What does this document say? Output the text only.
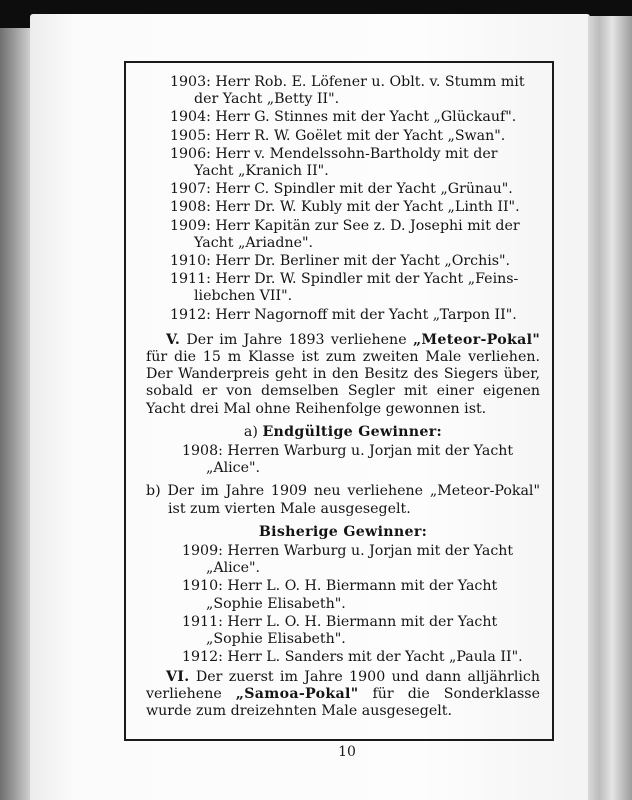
1903: Herr Rob. E. Löfener u. Oblt. v. Stumm mit der Yacht „Betty II".

1904: Herr G. Stinnes mit der Yacht „Glückauf".

1905: Herr R. W. Goëlet mit der Yacht „Swan".

1906: Herr v. Mendelssohn-Bartholdy mit der Yacht „Kranich II".

1907: Herr C. Spindler mit der Yacht „Grünau".

1908: Herr Dr. W. Kubly mit der Yacht „Linth II".

1909: Herr Kapitän zur See z. D. Josephi mit der Yacht „Ariadne".

1910: Herr Dr. Berliner mit der Yacht „Orchis".

1911: Herr Dr. W. Spindler mit der Yacht „Feins-liebchen VII".

1912: Herr Nagornoff mit der Yacht „Tarpon II".

V. Der im Jahre 1893 verliehene „Meteor-Pokal" für die 15 m Klasse ist zum zweiten Male verliehen. Der Wanderpreis geht in den Besitz des Siegers über, sobald er von demselben Segler mit einer eigenen Yacht drei Mal ohne Reihenfolge gewonnen ist.

a) Endgültige Gewinner:

1908: Herren Warburg u. Jorjan mit der Yacht „Alice".

b) Der im Jahre 1909 neu verliehene „Meteor-Pokal" ist zum vierten Male ausgesegelt.

Bisherige Gewinner:

1909: Herren Warburg u. Jorjan mit der Yacht „Alice".

1910: Herr L. O. H. Biermann mit der Yacht „Sophie Elisabeth".

1911: Herr L. O. H. Biermann mit der Yacht „Sophie Elisabeth".

1912: Herr L. Sanders mit der Yacht „Paula II".

VI. Der zuerst im Jahre 1900 und dann alljährlich verliehene „Samoa-Pokal" für die Sonderklasse wurde zum dreizehnten Male ausgesegelt.

10
